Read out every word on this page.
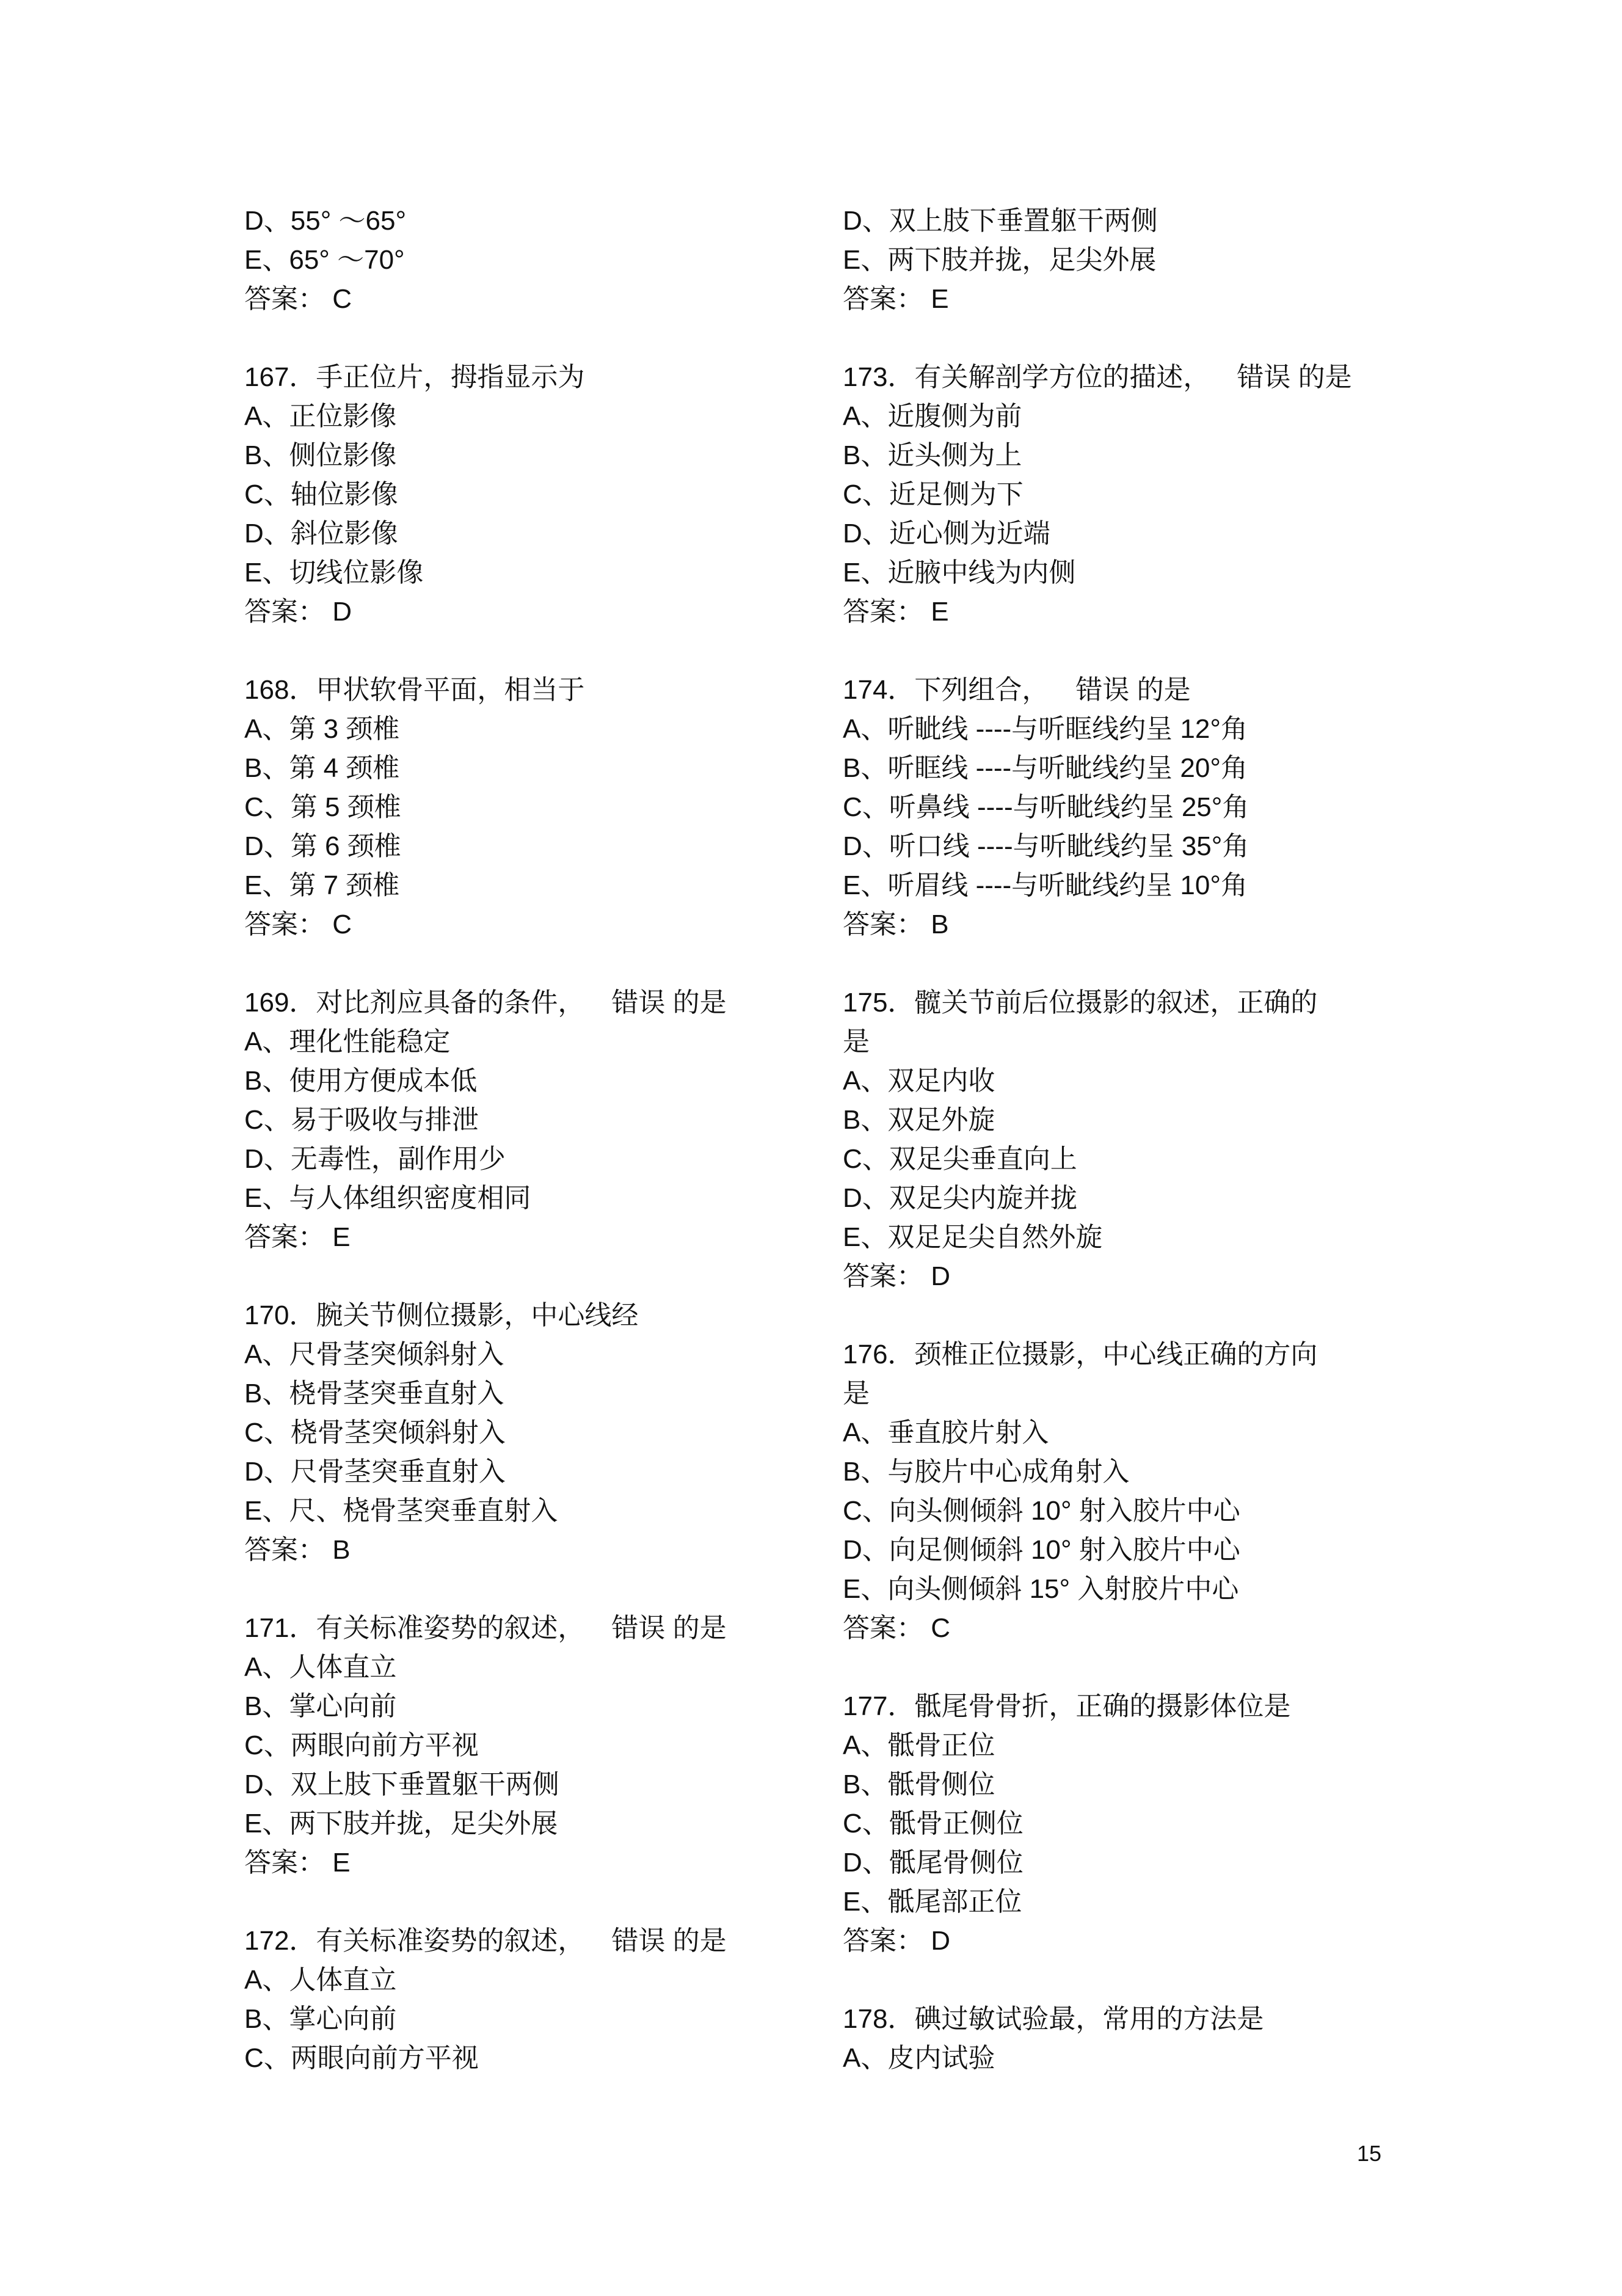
D、55° ～65°
E、65° ～70°
答案： C
167．手正位片，拇指显示为
A、正位影像
B、侧位影像
C、轴位影像
D、斜位影像
E、切线位影像
答案： D
168．甲状软骨平面，相当于
A、第 3 颈椎
B、第 4 颈椎
C、第 5 颈椎
D、第 6 颈椎
E、第 7 颈椎
答案： C
169．对比剂应具备的条件， 错误 的是
A、理化性能稳定
B、使用方便成本低
C、易于吸收与排泄
D、无毒性，副作用少
E、与人体组织密度相同
答案： E
170．腕关节侧位摄影，中心线经
A、尺骨茎突倾斜射入
B、桡骨茎突垂直射入
C、桡骨茎突倾斜射入
D、尺骨茎突垂直射入
E、尺、桡骨茎突垂直射入
答案： B
171．有关标准姿势的叙述， 错误 的是
A、人体直立
B、掌心向前
C、两眼向前方平视
D、双上肢下垂置躯干两侧
E、两下肢并拢，足尖外展
答案： E
172．有关标准姿势的叙述， 错误 的是
A、人体直立
B、掌心向前
C、两眼向前方平视
D、双上肢下垂置躯干两侧
E、两下肢并拢，足尖外展
答案： E
173．有关解剖学方位的描述， 错误 的是
A、近腹侧为前
B、近头侧为上
C、近足侧为下
D、近心侧为近端
E、近腋中线为内侧
答案： E
174．下列组合， 错误 的是
A、听眦线 ----与听眶线约呈 12°角
B、听眶线 ----与听眦线约呈 20°角
C、听鼻线 ----与听眦线约呈 25°角
D、听口线 ----与听眦线约呈 35°角
E、听眉线 ----与听眦线约呈 10°角
答案： B
175．髋关节前后位摄影的叙述，正确的
是
A、双足内收
B、双足外旋
C、双足尖垂直向上
D、双足尖内旋并拢
E、双足足尖自然外旋
答案： D
176．颈椎正位摄影，中心线正确的方向
是
A、垂直胶片射入
B、与胶片中心成角射入
C、向头侧倾斜 10° 射入胶片中心
D、向足侧倾斜 10° 射入胶片中心
E、向头侧倾斜 15° 入射胶片中心
答案： C
177．骶尾骨骨折，正确的摄影体位是
A、骶骨正位
B、骶骨侧位
C、骶骨正侧位
D、骶尾骨侧位
E、骶尾部正位
答案： D
178．碘过敏试验最，常用的方法是
A、皮内试验
15
